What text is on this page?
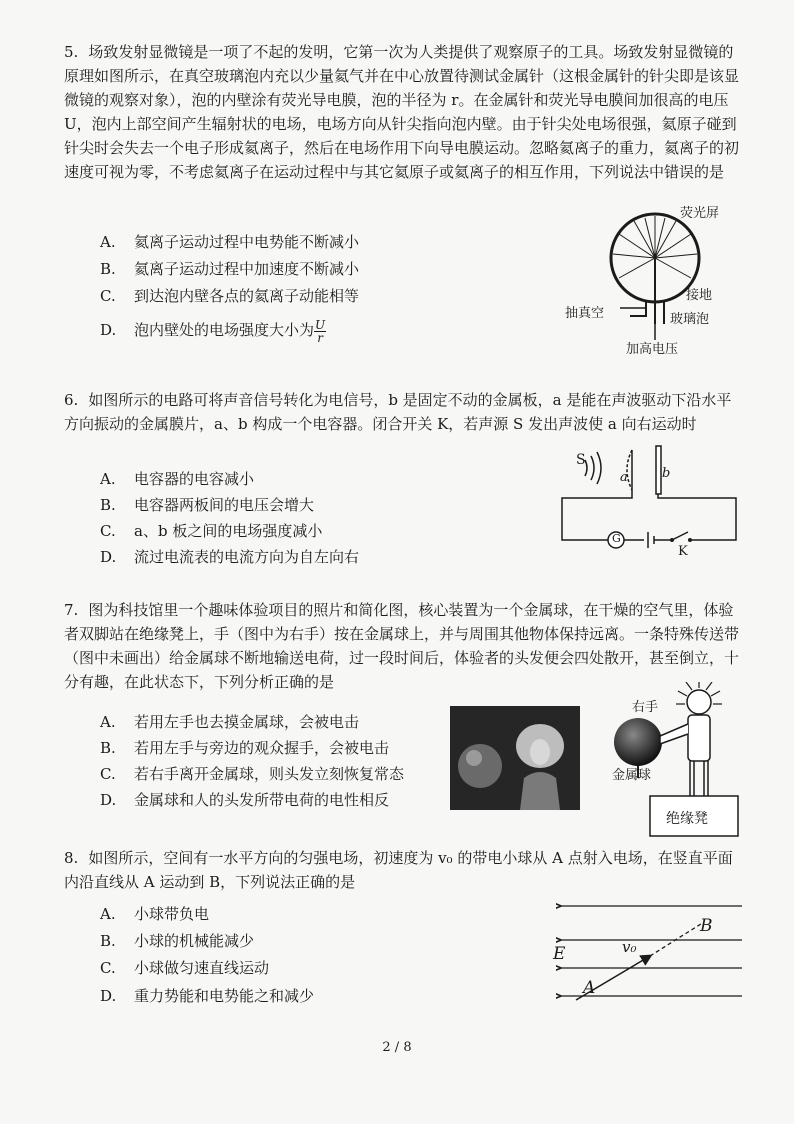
5. 场致发射显微镜是一项了不起的发明，它第一次为人类提供了观察原子的工具。场致发射显微镜的原理如图所示，在真空玻璃泡内充以少量氦气并在中心放置待测试金属针（这根金属针的针尖即是该显微镜的观察对象），泡的内壁涂有荧光导电膜，泡的半径为 r。在金属针和荧光导电膜间加很高的电压 U，泡内上部空间产生辐射状的电场，电场方向从针尖指向泡内壁。由于针尖处电场很强，氦原子碰到针尖时会失去一个电子形成氦离子，然后在电场作用下向导电膜运动。忽略氦离子的重力，氦离子的初速度可视为零，不考虑氦离子在运动过程中与其它氦原子或氦离子的相互作用，下列说法中错误的是

A. 氦离子运动过程中电势能不断减小
B. 氦离子运动过程中加速度不断减小
C. 到达泡内壁各点的氦离子动能相等
D. 泡内壁处的电场强度大小为 $\frac{U}{r}$
荧光屏
接地
抽真空	玻璃泡
加高电压

6. 如图所示的电路可将声音信号转化为电信号，b 是固定不动的金属板，a 是能在声波驱动下沿水平方向振动的金属膜片，a、b 构成一个电容器。闭合开关 K，若声源 S 发出声波使 a 向右运动时

A. 电容器的电容减小
B. 电容器两板间的电压会增大
C. a、b 板之间的电场强度减小
D. 流过电流表的电流方向为自左向右
S
a	b
G
K

7. 图为科技馆里一个趣味体验项目的照片和简化图，核心装置为一个金属球，在干燥的空气里，体验者双脚站在绝缘凳上，手（图中为右手）按在金属球上，并与周围其他物体保持远离。一条特殊传送带（图中未画出）给金属球不断地输送电荷，过一段时间后，体验者的头发便会四处散开，甚至倒立，十分有趣，在此状态下，下列分析正确的是

A. 若用左手也去摸金属球，会被电击
B. 若用左手与旁边的观众握手，会被电击
C. 若右手离开金属球，则头发立刻恢复常态
D. 金属球和人的头发所带电荷的电性相反
右手
金属球
绝缘凳

8. 如图所示，空间有一水平方向的匀强电场，初速度为 v₀ 的带电小球从 A 点射入电场，在竖直平面内沿直线从 A 运动到 B，下列说法正确的是

A. 小球带负电
B. 小球的机械能减少
C. 小球做匀速直线运动
D. 重力势能和电势能之和减少
E
A
B
v₀
2 / 8
